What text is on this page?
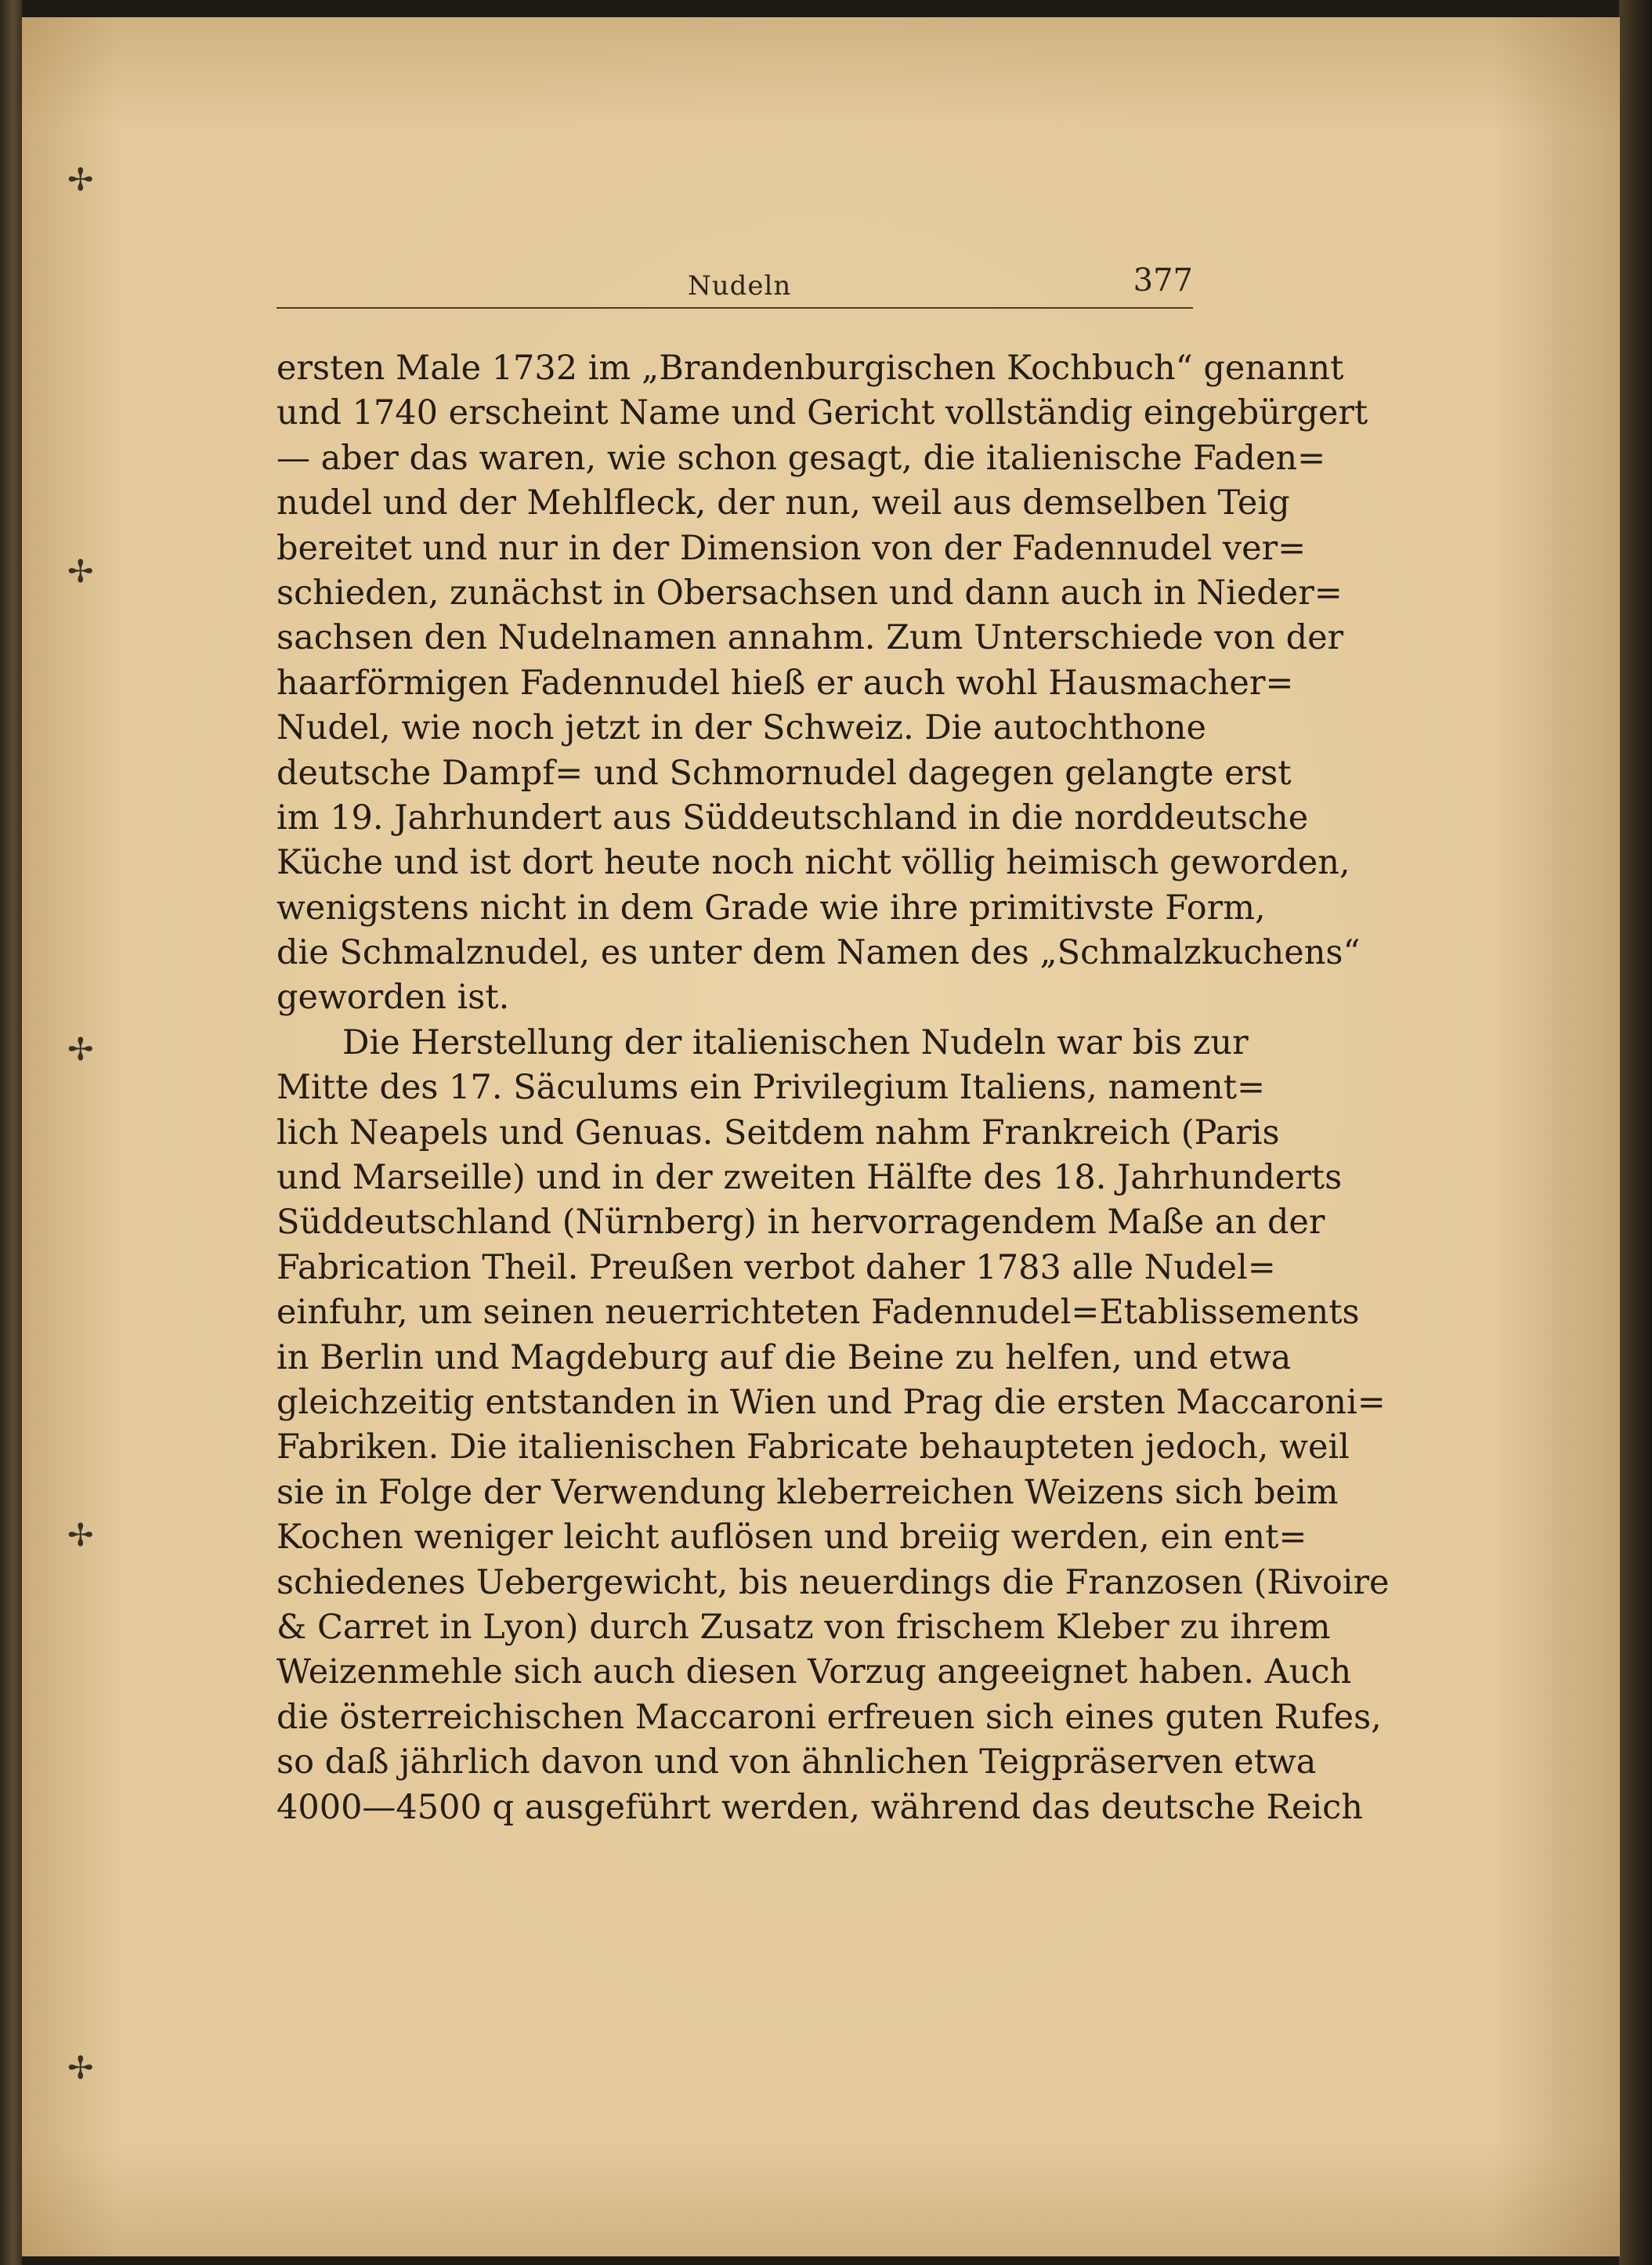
✢
✢
✢
✢
✢
Nudeln	377
ersten Male 1732 im „Brandenburgischen Kochbuch“ genannt
und 1740 erscheint Name und Gericht vollständig eingebürgert
— aber das waren, wie schon gesagt, die italienische Faden=
nudel und der Mehlfleck, der nun, weil aus demselben Teig
bereitet und nur in der Dimension von der Fadennudel ver=
schieden, zunächst in Obersachsen und dann auch in Nieder=
sachsen den Nudelnamen annahm. Zum Unterschiede von der
haarförmigen Fadennudel hieß er auch wohl Hausmacher=
Nudel, wie noch jetzt in der Schweiz. Die autochthone
deutsche Dampf= und Schmornudel dagegen gelangte erst
im 19. Jahrhundert aus Süddeutschland in die norddeutsche
Küche und ist dort heute noch nicht völlig heimisch geworden,
wenigstens nicht in dem Grade wie ihre primitivste Form,
die Schmalznudel, es unter dem Namen des „Schmalzkuchens“
geworden ist.
Die Herstellung der italienischen Nudeln war bis zur
Mitte des 17. Säculums ein Privilegium Italiens, nament=
lich Neapels und Genuas. Seitdem nahm Frankreich (Paris
und Marseille) und in der zweiten Hälfte des 18. Jahrhunderts
Süddeutschland (Nürnberg) in hervorragendem Maße an der
Fabrication Theil. Preußen verbot daher 1783 alle Nudel=
einfuhr, um seinen neuerrichteten Fadennudel=Etablissements
in Berlin und Magdeburg auf die Beine zu helfen, und etwa
gleichzeitig entstanden in Wien und Prag die ersten Maccaroni=
Fabriken. Die italienischen Fabricate behaupteten jedoch, weil
sie in Folge der Verwendung kleberreichen Weizens sich beim
Kochen weniger leicht auflösen und breiig werden, ein ent=
schiedenes Uebergewicht, bis neuerdings die Franzosen (Rivoire
& Carret in Lyon) durch Zusatz von frischem Kleber zu ihrem
Weizenmehle sich auch diesen Vorzug angeeignet haben. Auch
die österreichischen Maccaroni erfreuen sich eines guten Rufes,
so daß jährlich davon und von ähnlichen Teigpräserven etwa
4000—4500 q ausgeführt werden, während das deutsche Reich
